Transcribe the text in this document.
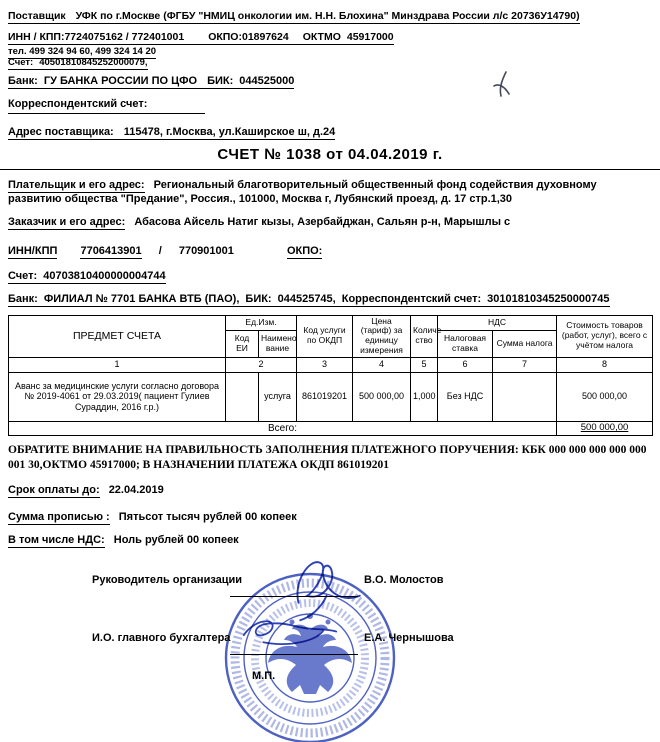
Поставщик УФК по г.Москве (ФГБУ "НМИЦ онкологии им. Н.Н. Блохина" Минздрава России л/с 20736У14790)
ИНН / КПП:7724075162 / 772401001 ОКПО:01897624 ОКТМО 45917000
тел. 499 324 94 60, 499 324 14 20
Счет: 40501810845252000079,
Банк: ГУ БАНКА РОССИИ ПО ЦФО БИК: 044525000
Корреспондентский счет:
Адрес поставщика: 115478, г.Москва, ул.Каширское ш, д.24
СЧЕТ № 1038 от 04.04.2019 г.
Плательщик и его адрес: Региональный благотворительный общественный фонд содействия духовному развитию общества "Предание", Россия., 101000, Москва г, Лубянский проезд, д. 17 стр.1,30
Заказчик и его адрес: Абасова Айсель Натиг кызы, Азербайджан, Сальян р-н, Марышлы с
ИНН/КПП 7706413901 / 770901001	ОКПО:
Счет: 40703810400000004744
Банк: ФИЛИАЛ № 7701 БАНКА ВТБ (ПАО), БИК: 044525745, Корреспондентский счет: 30101810345250000745
ПРЕДМЕТ СЧЕТА	Ед.Изм.		Код услуги по ОКДП	Цена (тариф) за единицу измерения	Количе ство	НДС		Стоимость товаров (работ, услуг), всего с учётом налога
	Код ЕИ	Наимено вание				Налоговая ставка	Сумма налога	
1	2		3	4	5	6	7	8
Аванс за медицинские услуги согласно договора № 2019-4061 от 29.03.2019( пациент Гулиев Сураддин, 2016 г.р.)		услуга	861019201	500 000,00	1,000	Без НДС		500 000,00
Всего:								500 000,00
ОБРАТИТЕ ВНИМАНИЕ НА ПРАВИЛЬНОСТЬ ЗАПОЛНЕНИЯ ПЛАТЕЖНОГО ПОРУЧЕНИЯ: КБК 000 000 000 000 000 001 30,ОКТМО 45917000; В НАЗНАЧЕНИИ ПЛАТЕЖА ОКДП 861019201
Срок оплаты до: 22.04.2019
Сумма прописью : Пятьсот тысяч рублей 00 копеек
В том числе НДС: Ноль рублей 00 копеек
Руководитель организации	В.О. Молостов
И.О. главного бухгалтера	Е.А. Чернышова
М.П.
